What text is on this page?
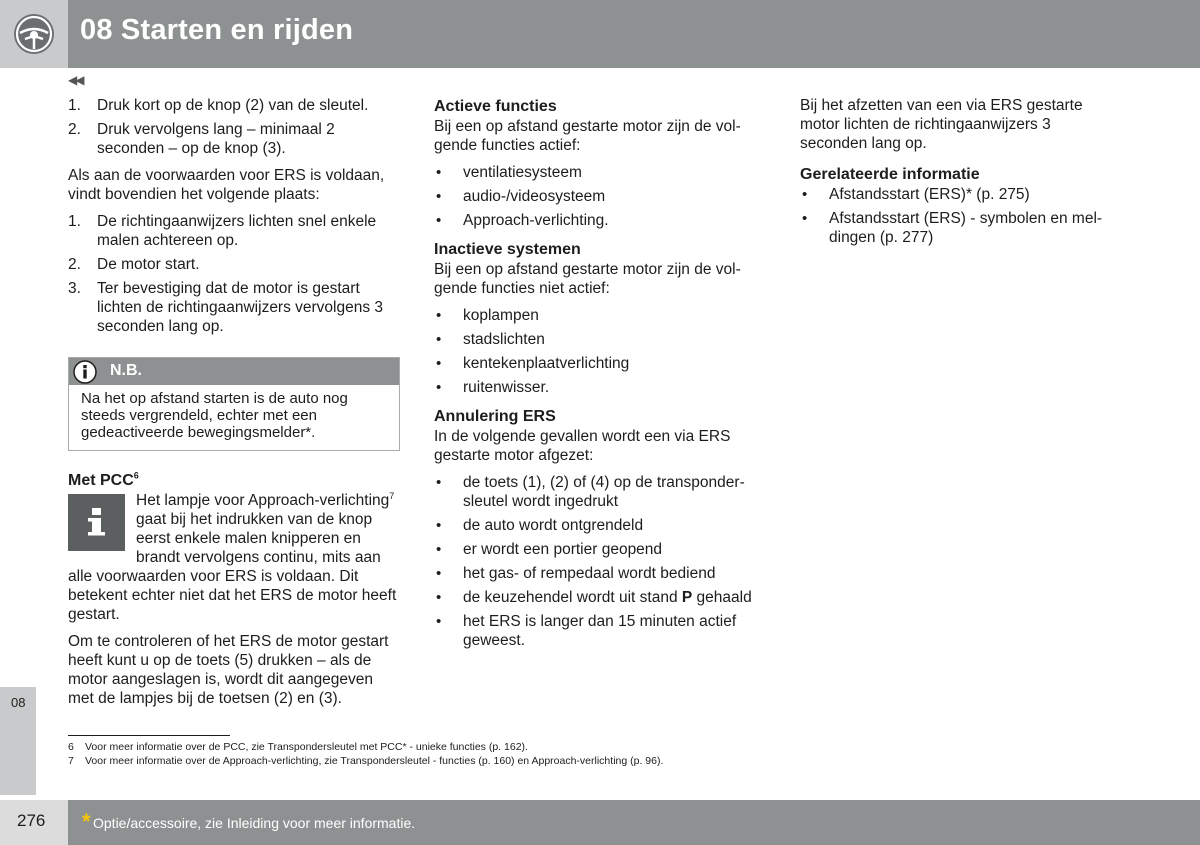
08 Starten en rijden
◀◀
1. Druk kort op de knop (2) van de sleutel.
2. Druk vervolgens lang – minimaal 2 seconden – op de knop (3).

Als aan de voorwaarden voor ERS is voldaan, vindt bovendien het volgende plaats:

1. De richtingaanwijzers lichten snel enkele malen achtereen op.
2. De motor start.
3. Ter bevestiging dat de motor is gestart lichten de richtingaanwijzers vervolgens 3 seconden lang op.
N.B.
Na het op afstand starten is de auto nog steeds vergrendeld, echter met een gedeactiveerde bewegingsmelder*.
Met PCC$^6$

Het lampje voor Approach-verlichting$^7$ gaat bij het indrukken van de knop eerst enkele malen knipperen en brandt vervolgens continu, mits aan alle voorwaarden voor ERS is voldaan. Dit betekent echter niet dat het ERS de motor heeft gestart.

Om te controleren of het ERS de motor gestart heeft kunt u op de toets (5) drukken – als de motor aangeslagen is, wordt dit aangegeven met de lampjes bij de toetsen (2) en (3).

Actieve functies

Bij een op afstand gestarte motor zijn de volgende functies actief:

• ventilatiesysteem
• audio-/videosysteem
• Approach-verlichting.
Inactieve systemen

Bij een op afstand gestarte motor zijn de volgende functies niet actief:

• koplampen
• stadslichten
• kentekenplaatverlichting
• ruitenwisser.
Annulering ERS

In de volgende gevallen wordt een via ERS gestarte motor afgezet:

• de toets (1), (2) of (4) op de transpondersleutel wordt ingedrukt
• de auto wordt ontgrendeld
• er wordt een portier geopend
• het gas- of rempedaal wordt bediend
• de keuzehendel wordt uit stand P gehaald
• het ERS is langer dan 15 minuten actief geweest.

Bij het afzetten van een via ERS gestarte motor lichten de richtingaanwijzers 3 seconden lang op.

Gerelateerde informatie
• Afstandsstart (ERS)* (p. 275)
• Afstandsstart (ERS) - symbolen en meldingen (p. 277)
08
6 Voor meer informatie over de PCC, zie Transpondersleutel met PCC* - unieke functies (p. 162).
7 Voor meer informatie over de Approach-verlichting, zie Transpondersleutel - functies (p. 160) en Approach-verlichting (p. 96).
276 * Optie/accessoire, zie Inleiding voor meer informatie.
